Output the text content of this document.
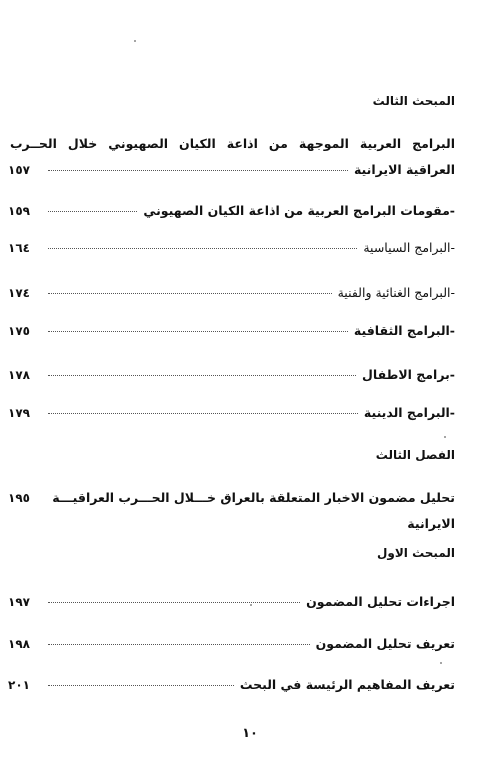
المبحث الثالث
البرامج العربية الموجهة من اذاعة الكيان الصهيوني خلال الحــرب
العراقية الايرانية
١٥٧
-مقومات البرامج العربية من اذاعة الكيان الصهيوني
١٥٩
-البرامج السياسية
١٦٤
-البرامج الغنائية والفنية
١٧٤
-البرامج الثقافية
١٧٥
-برامج الاطفال
١٧٨
-البرامج الدينية
١٧٩
الفصل الثالث
تحليل مضمون الاخبار المتعلقة بالعراق خـــلال الحـــرب العراقيـــة
١٩٥
الايرانية
المبحث الاول
اجراءات تحليل المضمون
١٩٧
تعريف تحليل المضمون
١٩٨
تعريف المفاهيم الرئيسة في البحث
٢٠١
١٠
